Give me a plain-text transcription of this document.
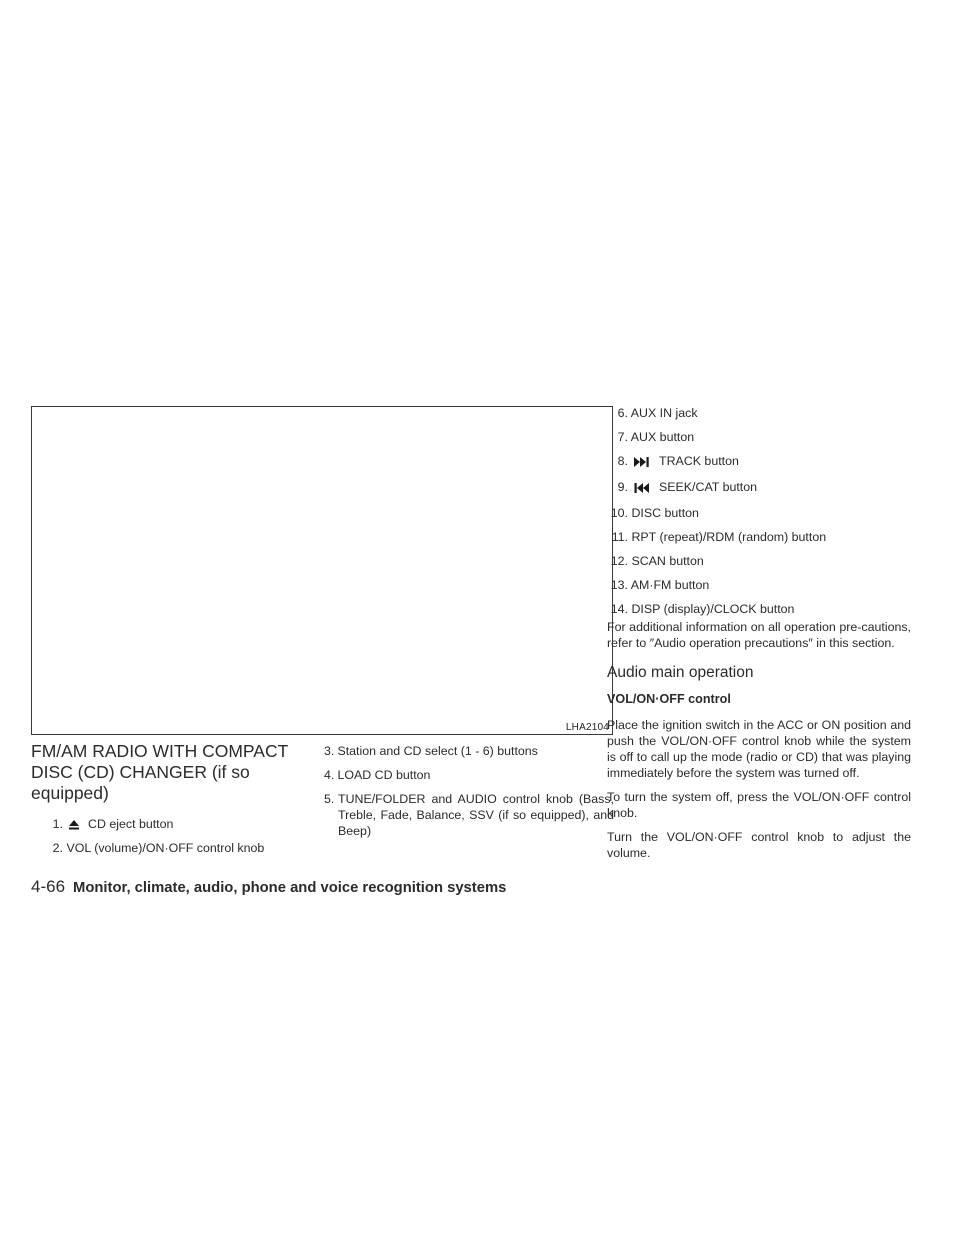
LHA2104
FM/AM RADIO WITH COMPACT DISC (CD) CHANGER (if so equipped)
1. CD eject button
2. VOL (volume)/ON·OFF control knob
3. Station and CD select (1 - 6) buttons
4. LOAD CD button
5. TUNE/FOLDER and AUDIO control knob (Bass, Treble, Fade, Balance, SSV (if so equipped), and Beep)
6. AUX IN jack
7. AUX button
8.	TRACK button
9.	SEEK/CAT button
10. DISC button
11. RPT (repeat)/RDM (random) button
12. SCAN button
13. AM·FM button
14. DISP (display)/CLOCK button

For additional information on all operation pre-cautions, refer to ″Audio operation precautions″ in this section.

Audio main operation
VOL/ON·OFF control

Place the ignition switch in the ACC or ON position and push the VOL/ON·OFF control knob while the system is off to call up the mode (radio or CD) that was playing immediately before the system was turned off.

To turn the system off, press the VOL/ON·OFF control knob.

Turn the VOL/ON·OFF control knob to adjust the volume.

4-66 Monitor, climate, audio, phone and voice recognition systems
